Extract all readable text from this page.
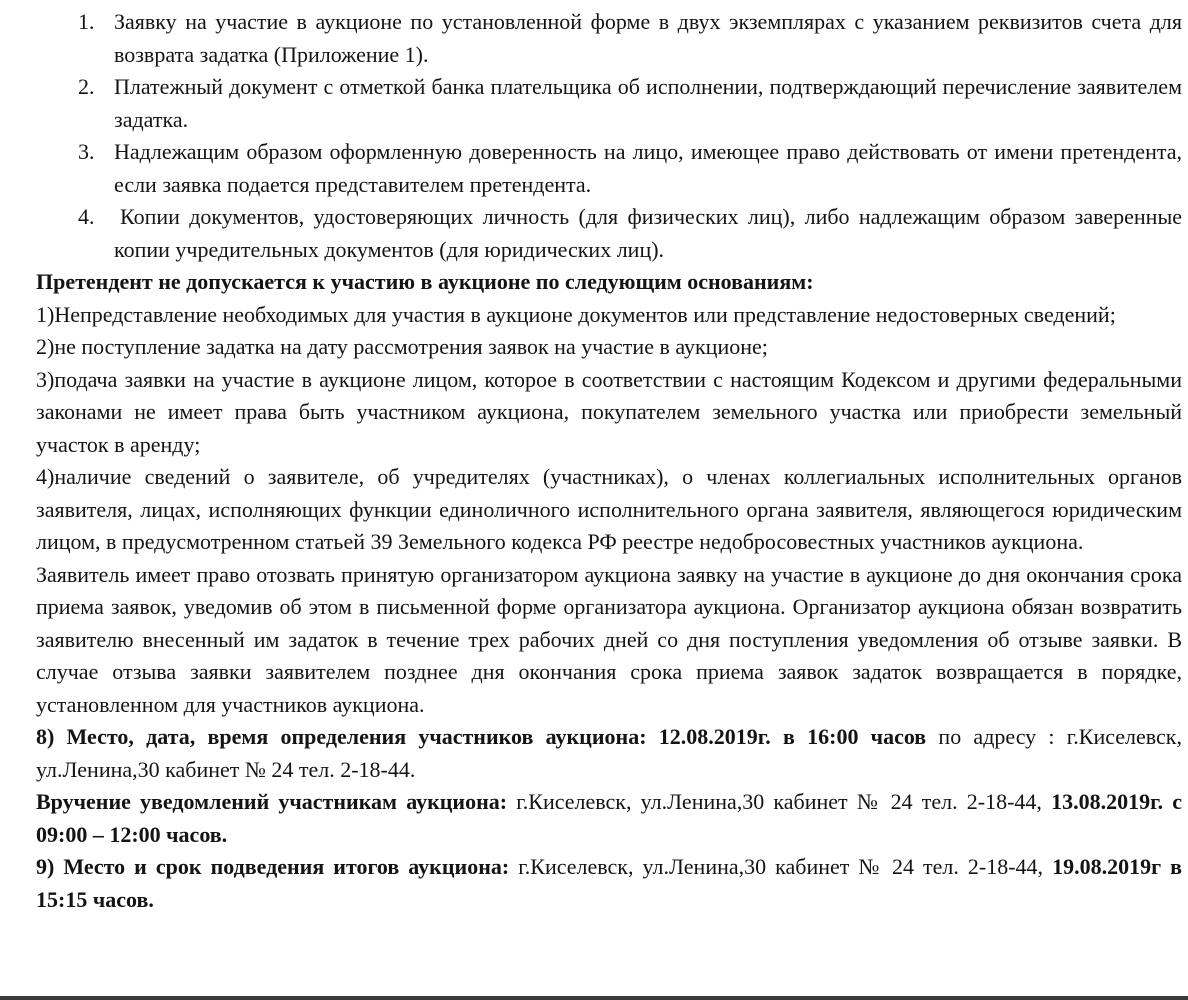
1. Заявку на участие в аукционе по установленной форме в двух экземплярах с указанием реквизитов счета для возврата задатка (Приложение 1).
2. Платежный документ с отметкой банка плательщика об исполнении, подтверждающий перечисление заявителем задатка.
3. Надлежащим образом оформленную доверенность на лицо, имеющее право действовать от имени претендента, если заявка подается представителем претендента.
4. Копии документов, удостоверяющих личность (для физических лиц), либо надлежащим образом заверенные копии учредительных документов (для юридических лиц).

Претендент не допускается к участию в аукционе по следующим основаниям:

1)Непредставление необходимых для участия в аукционе документов или представление недостоверных сведений;

2)не поступление задатка на дату рассмотрения заявок на участие в аукционе;

3)подача заявки на участие в аукционе лицом, которое в соответствии с настоящим Кодексом и другими федеральными законами не имеет права быть участником аукциона, покупателем земельного участка или приобрести земельный участок в аренду;

4)наличие сведений о заявителе, об учредителях (участниках), о членах коллегиальных исполнительных органов заявителя, лицах, исполняющих функции единоличного исполнительного органа заявителя, являющегося юридическим лицом, в предусмотренном статьей 39 Земельного кодекса РФ реестре недобросовестных участников аукциона.

Заявитель имеет право отозвать принятую организатором аукциона заявку на участие в аукционе до дня окончания срока приема заявок, уведомив об этом в письменной форме организатора аукциона. Организатор аукциона обязан возвратить заявителю внесенный им задаток в течение трех рабочих дней со дня поступления уведомления об отзыве заявки. В случае отзыва заявки заявителем позднее дня окончания срока приема заявок задаток возвращается в порядке, установленном для участников аукциона.

8) Место, дата, время определения участников аукциона: 12.08.2019г. в 16:00 часов по адресу : г.Киселевск, ул.Ленина,30 кабинет № 24 тел. 2-18-44.

Вручение уведомлений участникам аукциона: г.Киселевск, ул.Ленина,30 кабинет № 24 тел. 2-18-44, 13.08.2019г. с 09:00 – 12:00 часов.

9) Место и срок подведения итогов аукциона: г.Киселевск, ул.Ленина,30 кабинет № 24 тел. 2-18-44, 19.08.2019г в 15:15 часов.
